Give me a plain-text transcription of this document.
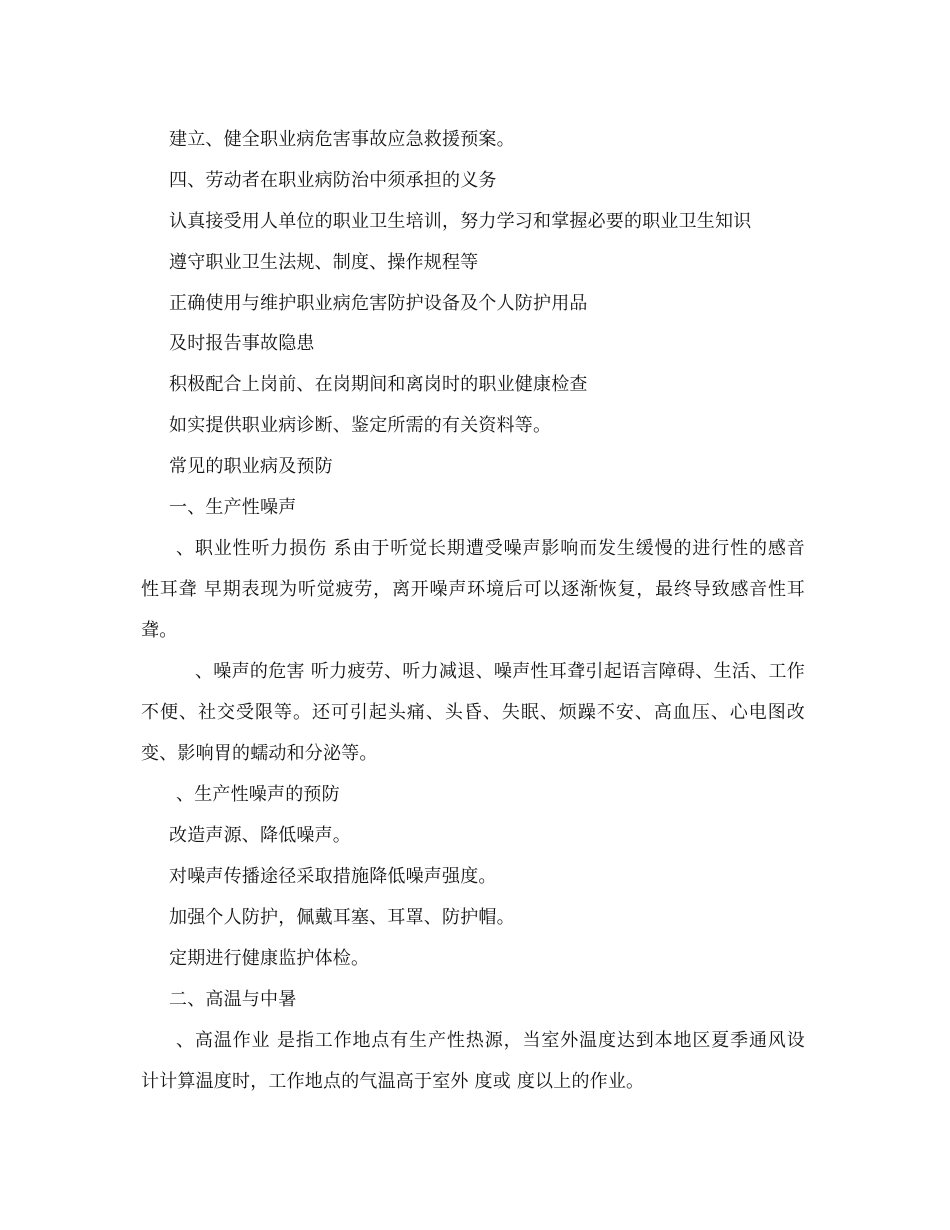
建立、健全职业病危害事故应急救援预案。
四、劳动者在职业病防治中须承担的义务
认真接受用人单位的职业卫生培训，努力学习和掌握必要的职业卫生知识
遵守职业卫生法规、制度、操作规程等
正确使用与维护职业病危害防护设备及个人防护用品
及时报告事故隐患
积极配合上岗前、在岗期间和离岗时的职业健康检查
如实提供职业病诊断、鉴定所需的有关资料等。
常见的职业病及预防
一、生产性噪声
、职业性听力损伤 系由于听觉长期遭受噪声影响而发生缓慢的进行性的感音
性耳聋 早期表现为听觉疲劳，离开噪声环境后可以逐渐恢复，最终导致感音性耳
聋。
、噪声的危害 听力疲劳、听力减退、噪声性耳聋引起语言障碍、生活、工作
不便、社交受限等。还可引起头痛、头昏、失眠、烦躁不安、高血压、心电图改
变、影响胃的蠕动和分泌等。
、生产性噪声的预防
改造声源、降低噪声。
对噪声传播途径采取措施降低噪声强度。
加强个人防护，佩戴耳塞、耳罩、防护帽。
定期进行健康监护体检。
二、高温与中暑
、高温作业 是指工作地点有生产性热源，当室外温度达到本地区夏季通风设
计计算温度时，工作地点的气温高于室外 度或 度以上的作业。
